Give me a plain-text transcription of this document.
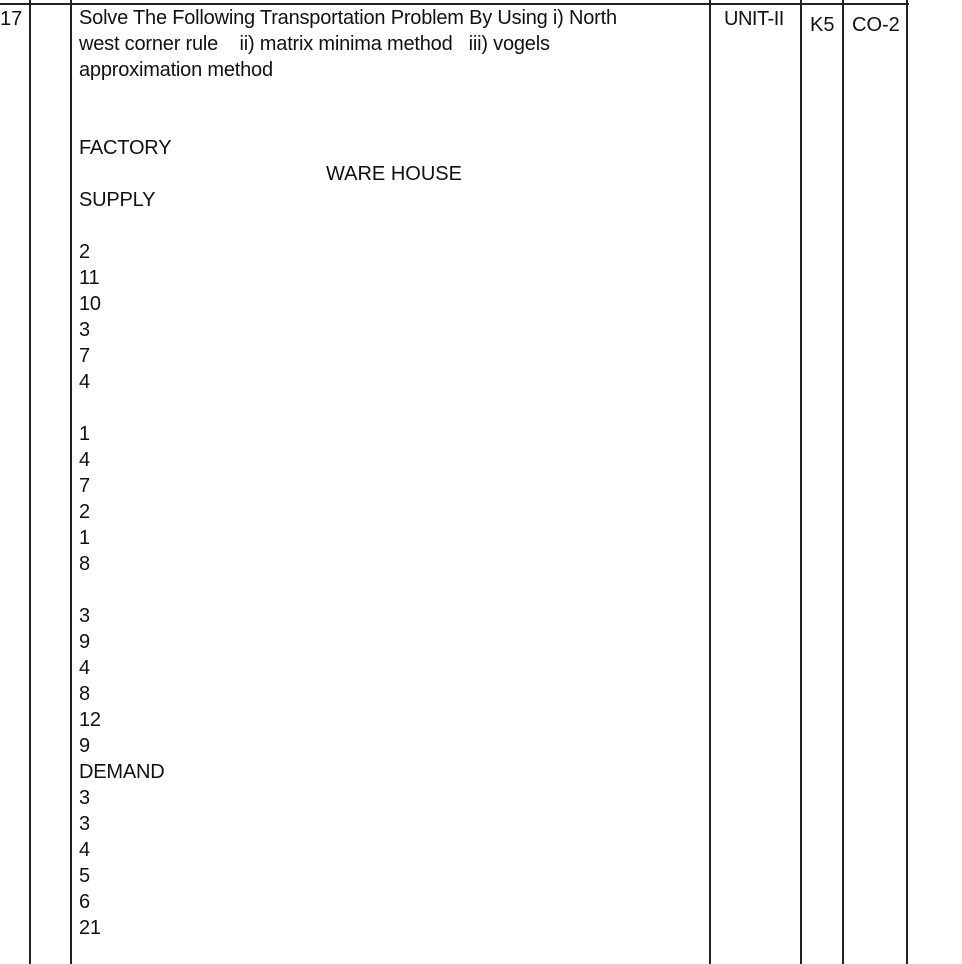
17	UNIT-II K5 CO-2
Solve The Following Transportation Problem By Using i) North
west corner rule    ii) matrix minima method   iii) vogels
approximation method
FACTORY
SUPPLY
2
11
10
3
7
4
1
4
7
2
1
8
3
9
4
8
12
9
DEMAND
3
3
4
5
6
21
WARE HOUSE
